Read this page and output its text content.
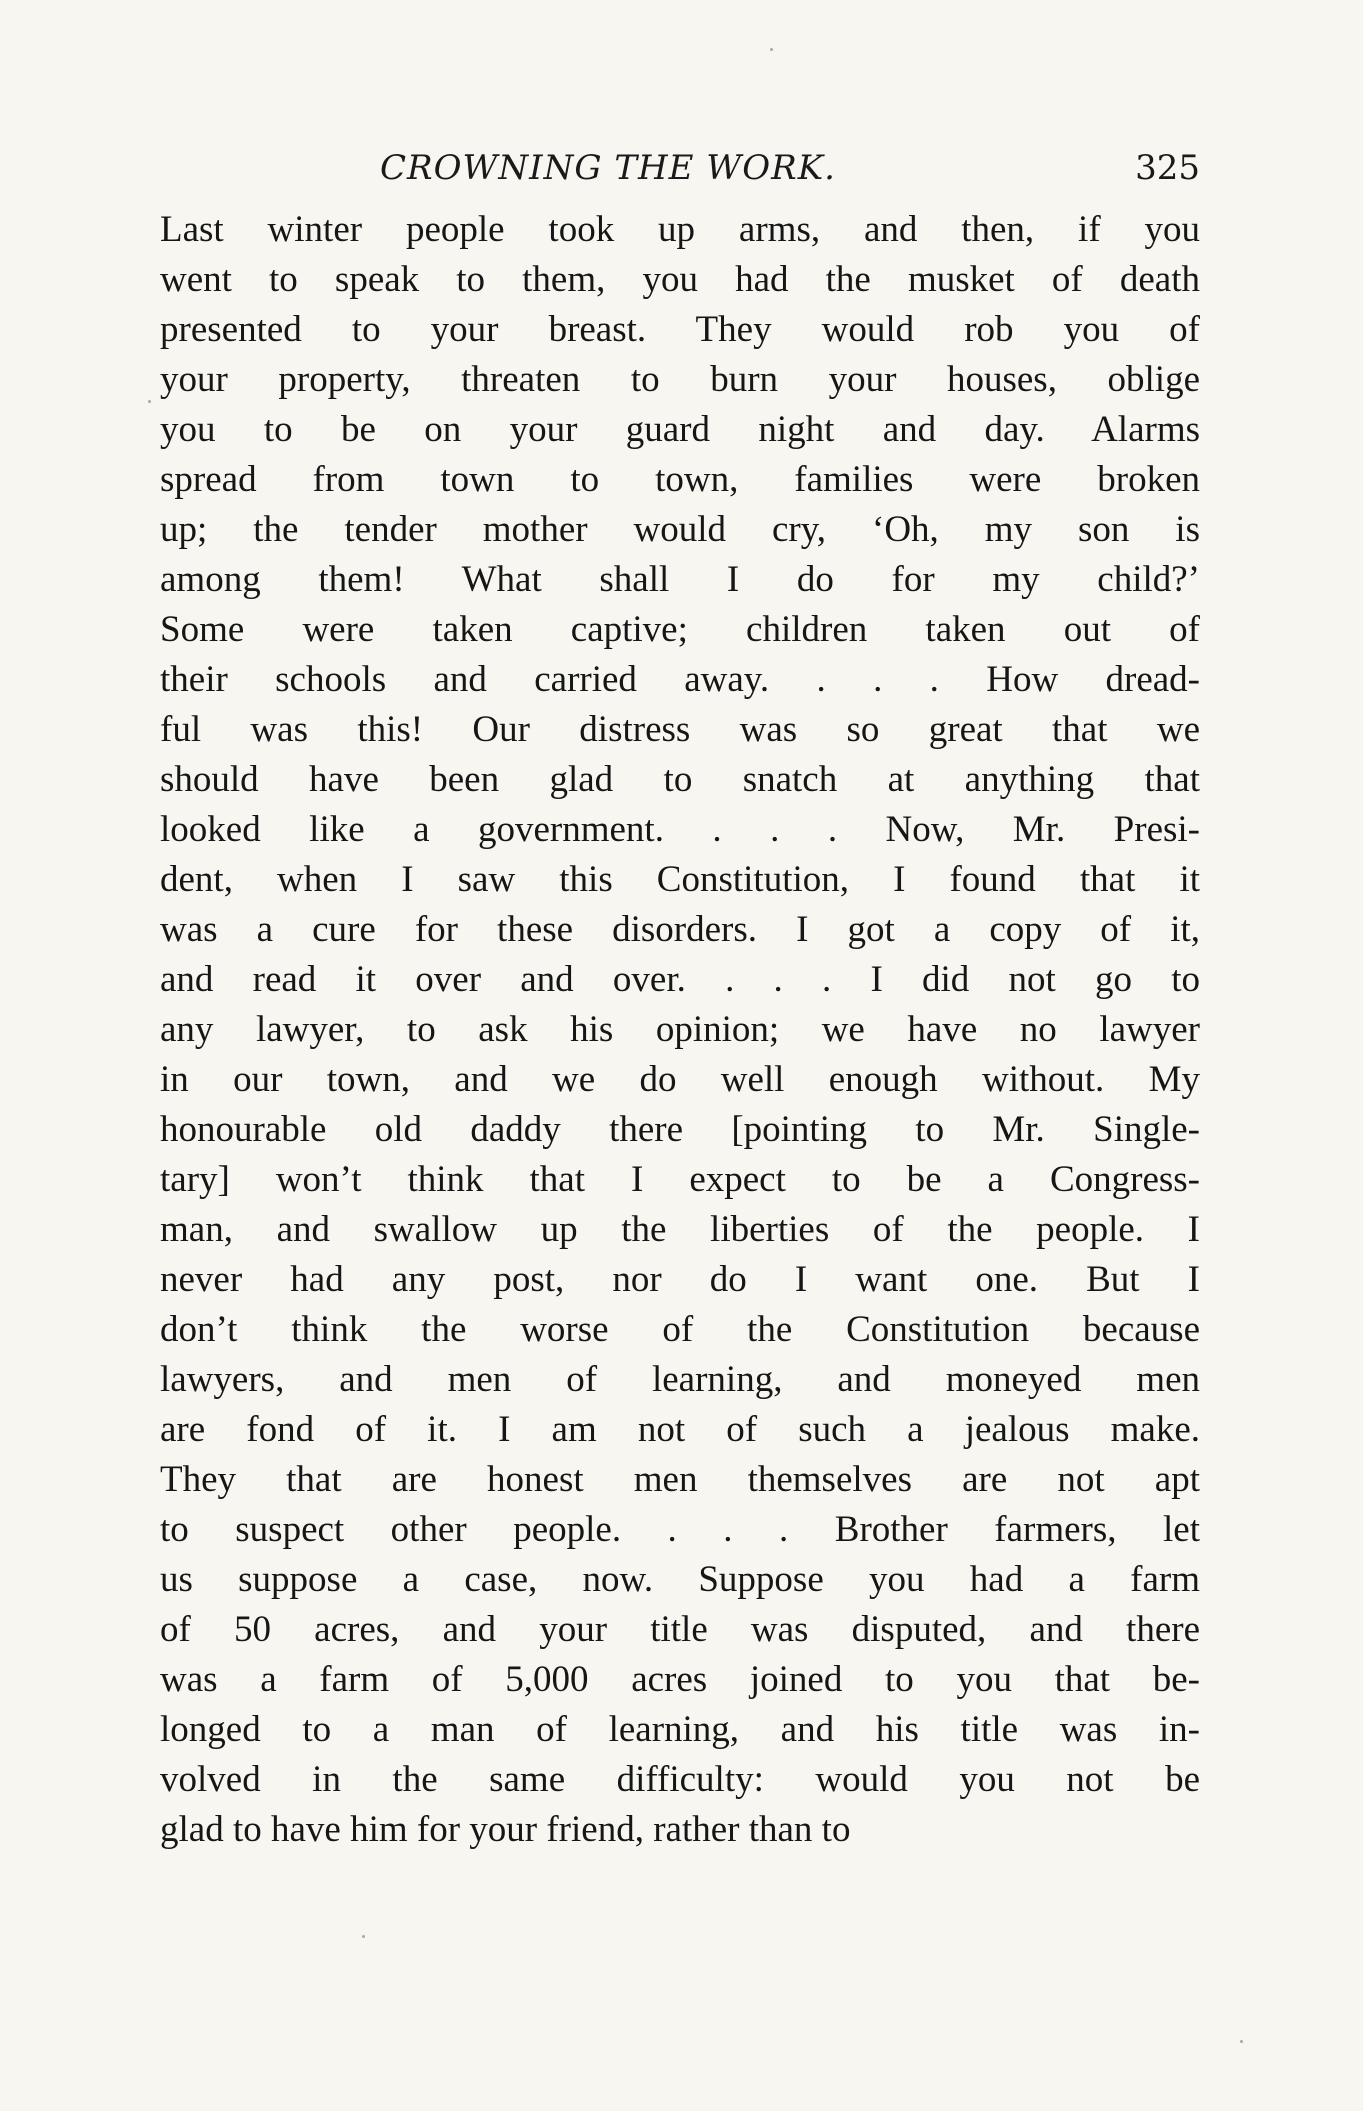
CROWNING THE WORK.	325
Last winter people took up arms, and then, if you
went to speak to them, you had the musket of death
presented to your breast. They would rob you of
your property, threaten to burn your houses, oblige
you to be on your guard night and day. Alarms
spread from town to town, families were broken
up; the tender mother would cry, ‘Oh, my son is
among them! What shall I do for my child?’
Some were taken captive; children taken out of
their schools and carried away. . . . How dread-
ful was this! Our distress was so great that we
should have been glad to snatch at anything that
looked like a government. . . . Now, Mr. Presi-
dent, when I saw this Constitution, I found that it
was a cure for these disorders. I got a copy of it,
and read it over and over. . . . I did not go to
any lawyer, to ask his opinion; we have no lawyer
in our town, and we do well enough without. My
honourable old daddy there [pointing to Mr. Single-
tary] won’t think that I expect to be a Congress-
man, and swallow up the liberties of the people. I
never had any post, nor do I want one. But I
don’t think the worse of the Constitution because
lawyers, and men of learning, and moneyed men
are fond of it. I am not of such a jealous make.
They that are honest men themselves are not apt
to suspect other people. . . . Brother farmers, let
us suppose a case, now. Suppose you had a farm
of 50 acres, and your title was disputed, and there
was a farm of 5,000 acres joined to you that be-
longed to a man of learning, and his title was in-
volved in the same difficulty: would you not be
glad to have him for your friend, rather than to
